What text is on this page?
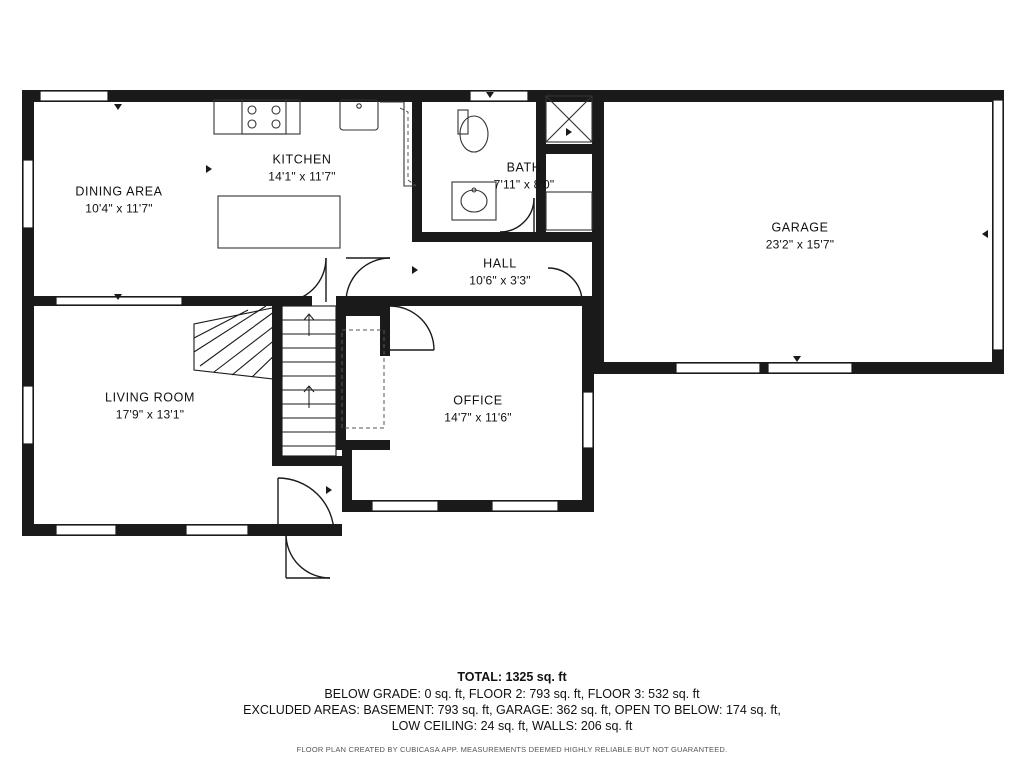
DINING AREA
10'4" x 11'7"
KITCHEN
14'1" x 11'7"
BATH
7'11" x 8'0"
GARAGE
23'2" x 15'7"
HALL
10'6" x 3'3"
LIVING ROOM
17'9" x 13'1"
OFFICE
14'7" x 11'6"
TOTAL: 1325 sq. ft
BELOW GRADE: 0 sq. ft, FLOOR 2: 793 sq. ft, FLOOR 3: 532 sq. ft
EXCLUDED AREAS: BASEMENT: 793 sq. ft, GARAGE: 362 sq. ft, OPEN TO BELOW: 174 sq. ft,
LOW CEILING: 24 sq. ft, WALLS: 206 sq. ft
FLOOR PLAN CREATED BY CUBICASA APP. MEASUREMENTS DEEMED HIGHLY RELIABLE BUT NOT GUARANTEED.
